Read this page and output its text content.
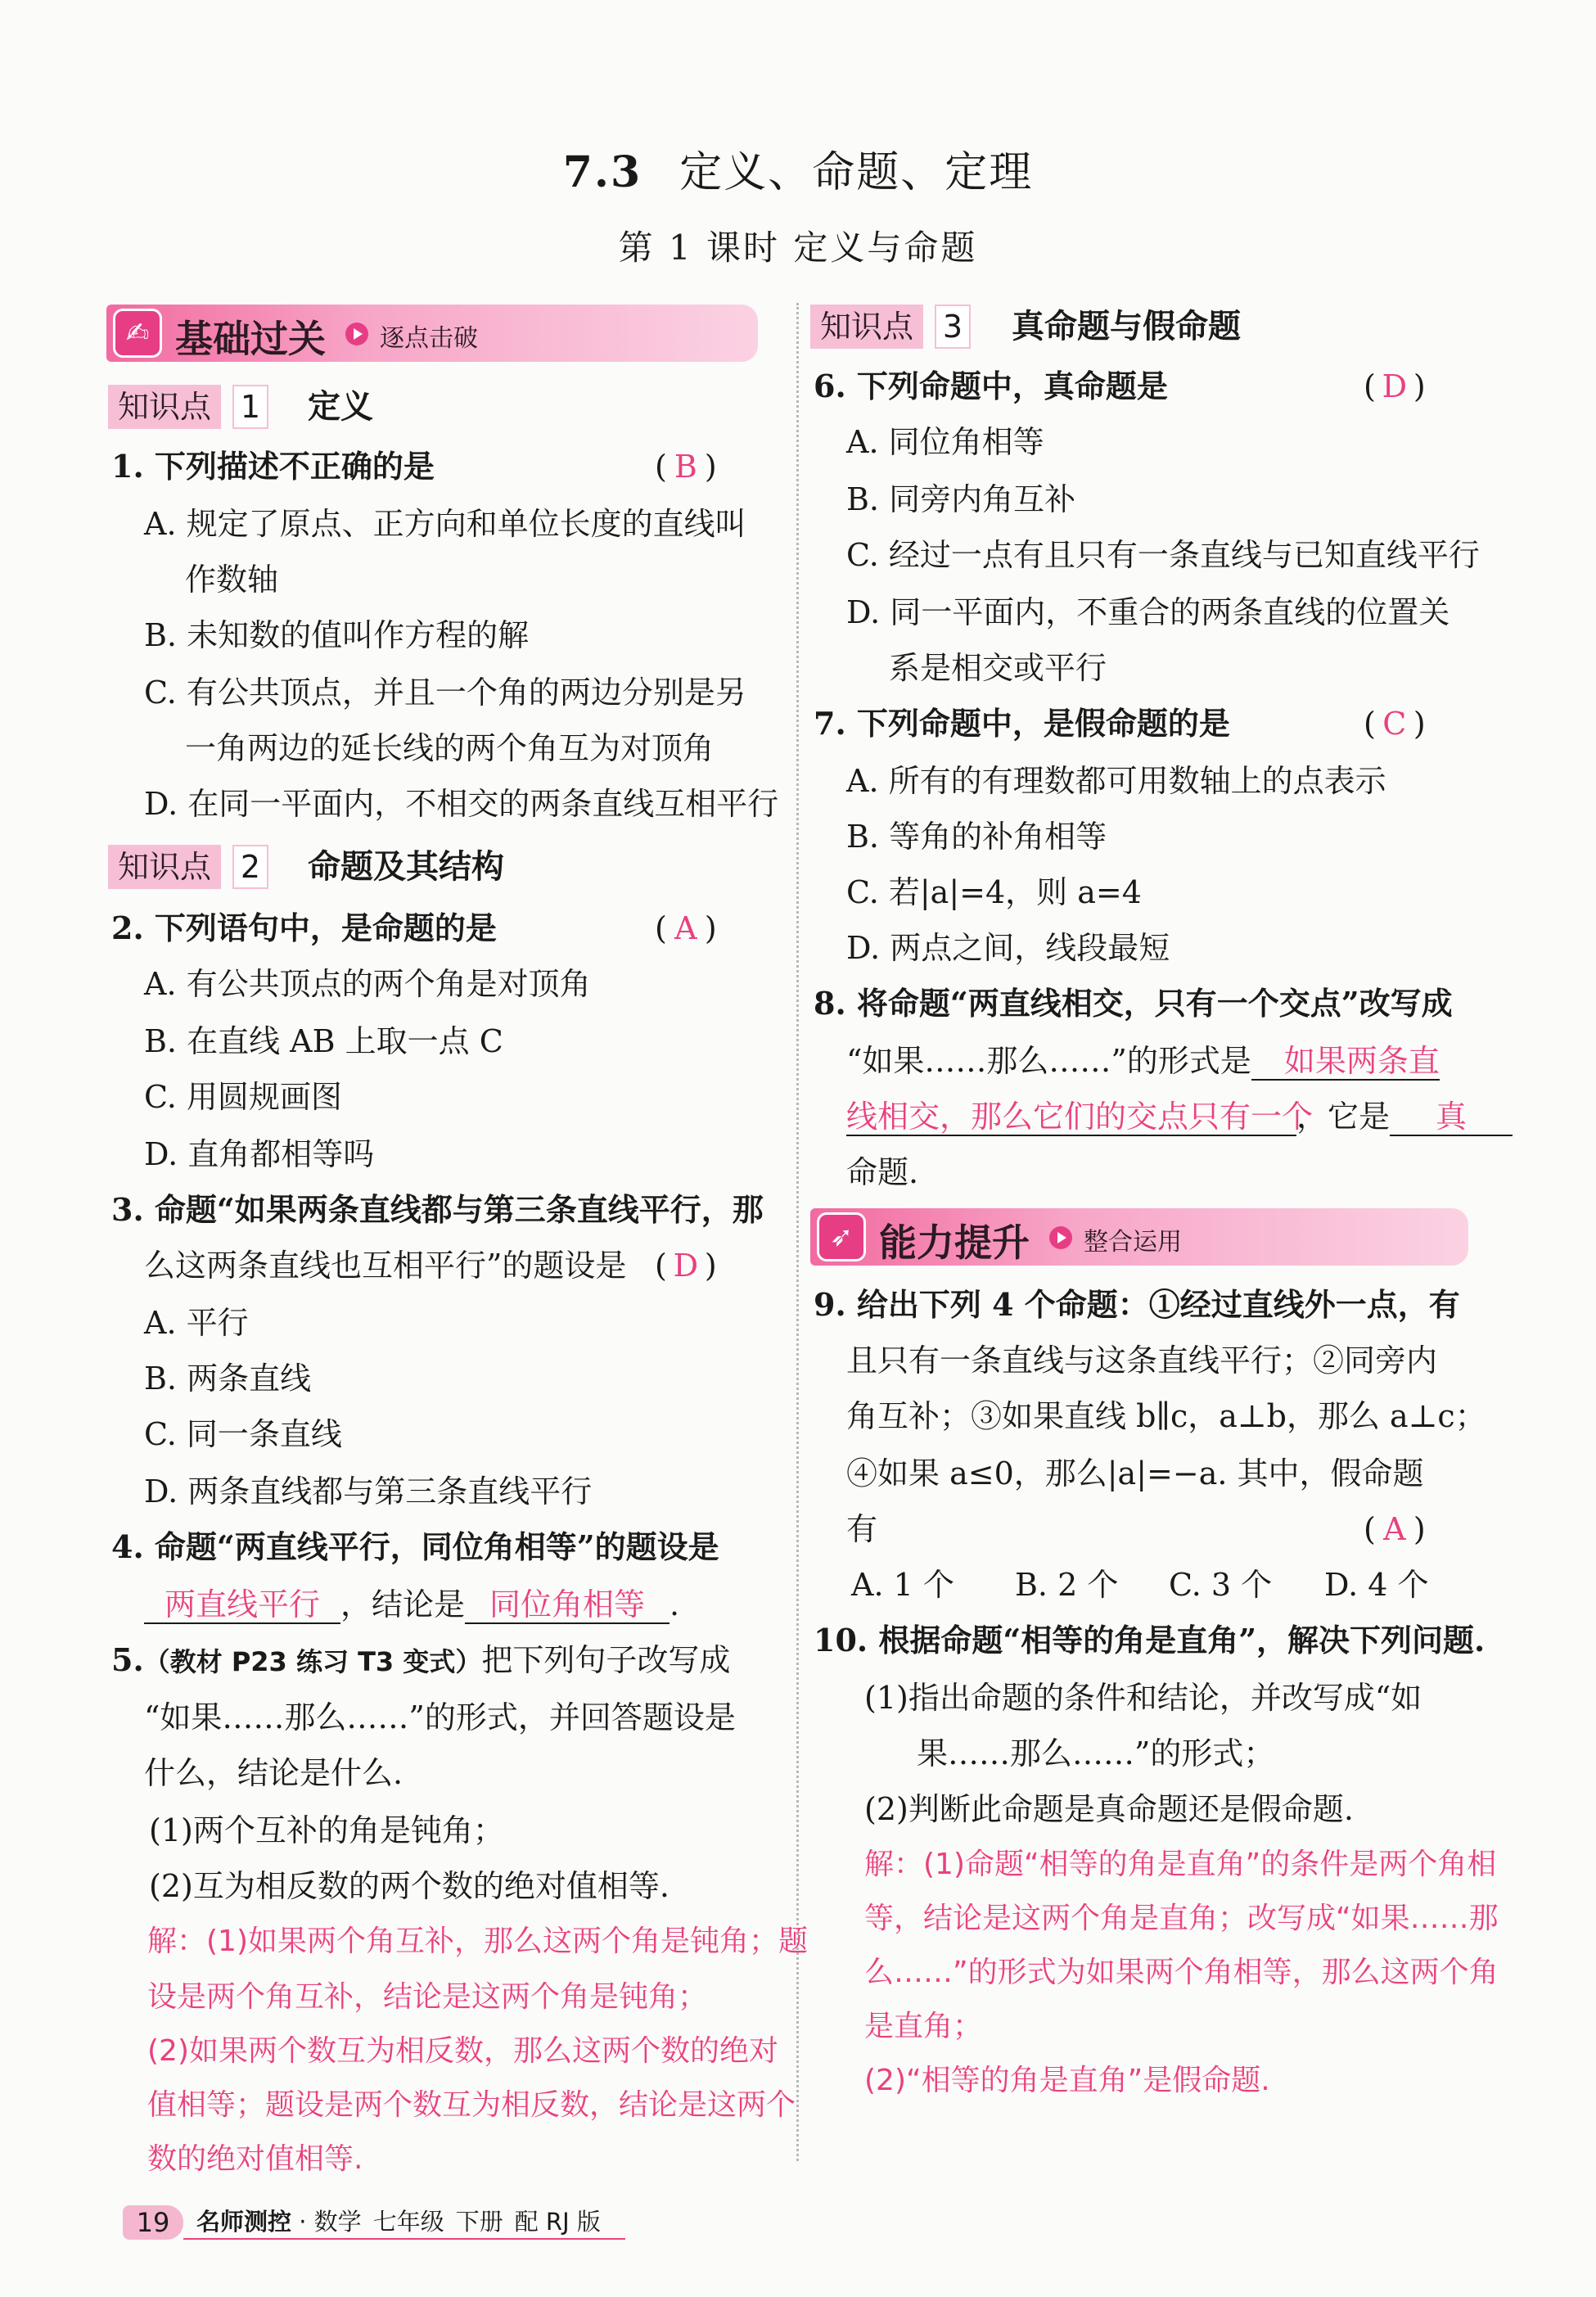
7.3 定义、命题、定理
第 1 课时 定义与命题
✍ 基础过关 逐点击破
知识点 1 定义
1. 下列描述不正确的是	( B )
A. 规定了原点、正方向和单位长度的直线叫
作数轴
B. 未知数的值叫作方程的解
C. 有公共顶点，并且一个角的两边分别是另
一角两边的延长线的两个角互为对顶角
D. 在同一平面内，不相交的两条直线互相平行
知识点 2 命题及其结构
2. 下列语句中，是命题的是	( A )
A. 有公共顶点的两个角是对顶角
B. 在直线 AB 上取一点 C
C. 用圆规画图
D. 直角都相等吗
3. 命题“如果两条直线都与第三条直线平行，那
么这两条直线也互相平行”的题设是 ( D )
A. 平行
B. 两条直线
C. 同一条直线
D. 两条直线都与第三条直线平行
4. 命题“两直线平行，同位角相等”的题设是
两直线平行 ，结论是 同位角相等 .
5.（教材 P23 练习 T3 变式）把下列句子改写成
“如果……那么……”的形式，并回答题设是
什么，结论是什么.
(1)两个互补的角是钝角；
(2)互为相反数的两个数的绝对值相等.
解：(1)如果两个角互补，那么这两个角是钝角；题
设是两个角互补，结论是这两个角是钝角；
(2)如果两个数互为相反数，那么这两个数的绝对
值相等；题设是两个数互为相反数，结论是这两个
数的绝对值相等.
知识点 3 真命题与假命题
6. 下列命题中，真命题是	( D )
A. 同位角相等
B. 同旁内角互补
C. 经过一点有且只有一条直线与已知直线平行
D. 同一平面内，不重合的两条直线的位置关
系是相交或平行
7. 下列命题中，是假命题的是	( C )
A. 所有的有理数都可用数轴上的点表示
B. 等角的补角相等
C. 若|a|=4，则 a=4
D. 两点之间，线段最短
8. 将命题“两直线相交，只有一个交点”改写成
“如果……那么……”的形式是 如果两条直
线相交，那么它们的交点只有一个，它是 真
命题.
➶ 能力提升 整合运用
9. 给出下列 4 个命题：①经过直线外一点，有
且只有一条直线与这条直线平行；②同旁内
角互补；③如果直线 b∥c，a⊥b，那么 a⊥c；
④如果 a≤0，那么|a|=−a. 其中，假命题
有	( A )
A. 1 个 B. 2 个 C. 3 个 D. 4 个
10. 根据命题“相等的角是直角”，解决下列问题.
(1)指出命题的条件和结论，并改写成“如
果……那么……”的形式；
(2)判断此命题是真命题还是假命题.
解：(1)命题“相等的角是直角”的条件是两个角相
等，结论是这两个角是直角；改写成“如果……那
么……”的形式为如果两个角相等，那么这两个角
是直角；
(2)“相等的角是直角”是假命题.
19	名师测控 · 数学 七年级 下册 配 RJ 版
